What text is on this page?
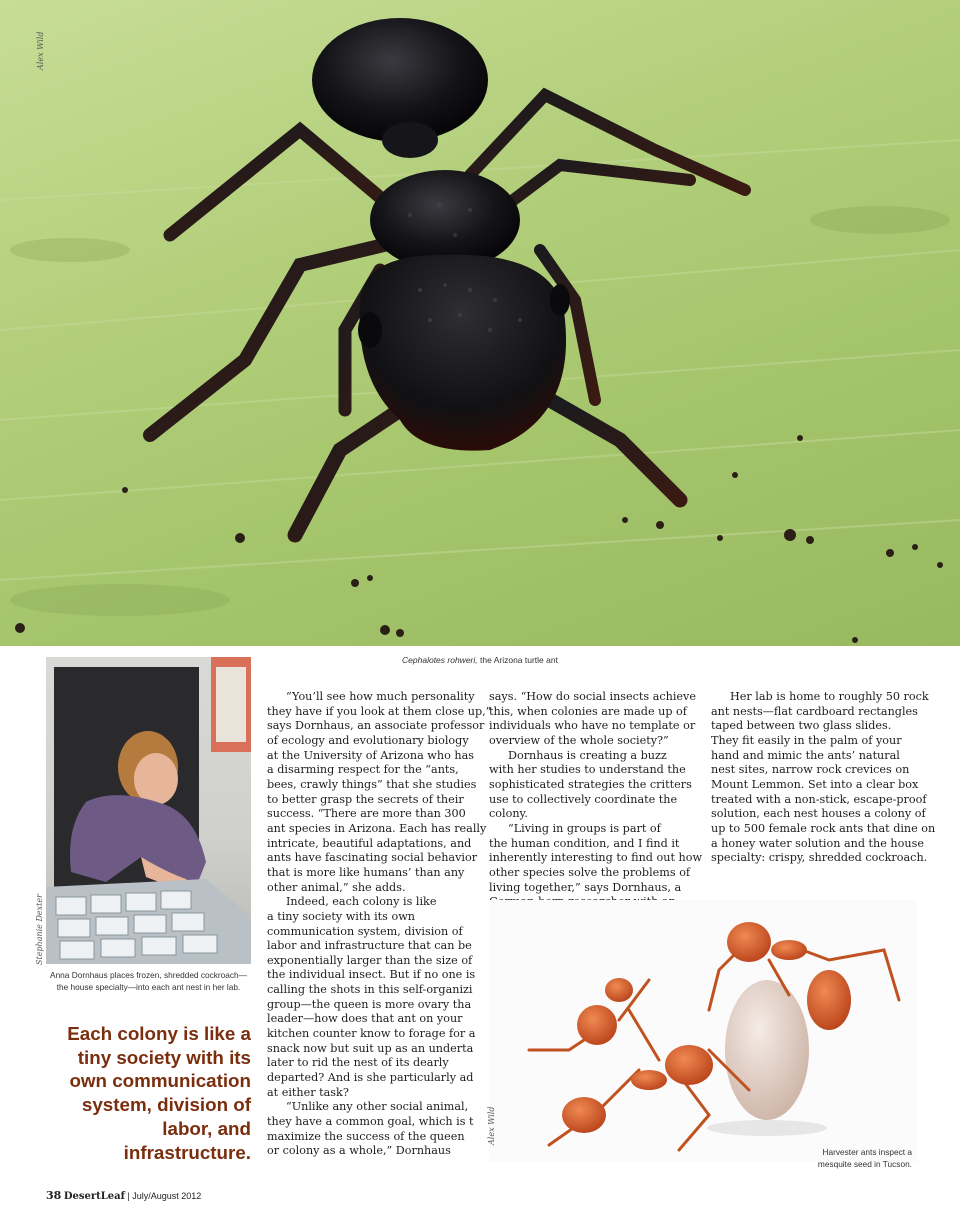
Alex Wild
Cephalotes rohweri, the Arizona turtle ant
Stephanie Dexter
Anna Dornhaus places frozen, shredded cockroach—the house specialty—into each ant nest in her lab.
Each colony is like a tiny society with its own communication system, division of labor, and infrastructure.

“You’ll see how much personality

they have if you look at them close up,”

says Dornhaus, an associate professor

of ecology and evolutionary biology

at the University of Arizona who has

a disarming respect for the “ants,

bees, crawly things” that she studies

to better grasp the secrets of their

success. “There are more than 300

ant species in Arizona. Each has really

intricate, beautiful adaptations, and

ants have fascinating social behavior

that is more like humans’ than any

other animal,” she adds.

Indeed, each colony is like

a tiny society with its own

communication system, division of

labor and infrastructure that can be

exponentially larger than the size of

the individual insect. But if no one is

calling the shots in this self-organizi

group—the queen is more ovary tha

leader—how does that ant on your

kitchen counter know to forage for a

snack now but suit up as an underta

later to rid the nest of its dearly

departed? And is she particularly ad

at either task?

“Unlike any other social animal,

they have a common goal, which is t

maximize the success of the queen

or colony as a whole,” Dornhaus

says. “How do social insects achieve

this, when colonies are made up of

individuals who have no template or

overview of the whole society?”

Dornhaus is creating a buzz

with her studies to understand the

sophisticated strategies the critters

use to collectively coordinate the

colony.

“Living in groups is part of

the human condition, and I find it

inherently interesting to find out how

other species solve the problems of

living together,” says Dornhaus, a

Her lab is home to roughly 50 rock

ant nests—flat cardboard rectangles

taped between two glass slides.

They fit easily in the palm of your

hand and mimic the ants’ natural

nest sites, narrow rock crevices on

Mount Lemmon. Set into a clear box

treated with a non-stick, escape-proof

solution, each nest houses a colony of

up to 500 female rock ants that dine on

a honey water solution and the house

specialty: crispy, shredded cockroach.

Alex Wild
Harvester ants inspect a mesquite seed in Tucson.
38 DesertLeaf | July/August 2012
